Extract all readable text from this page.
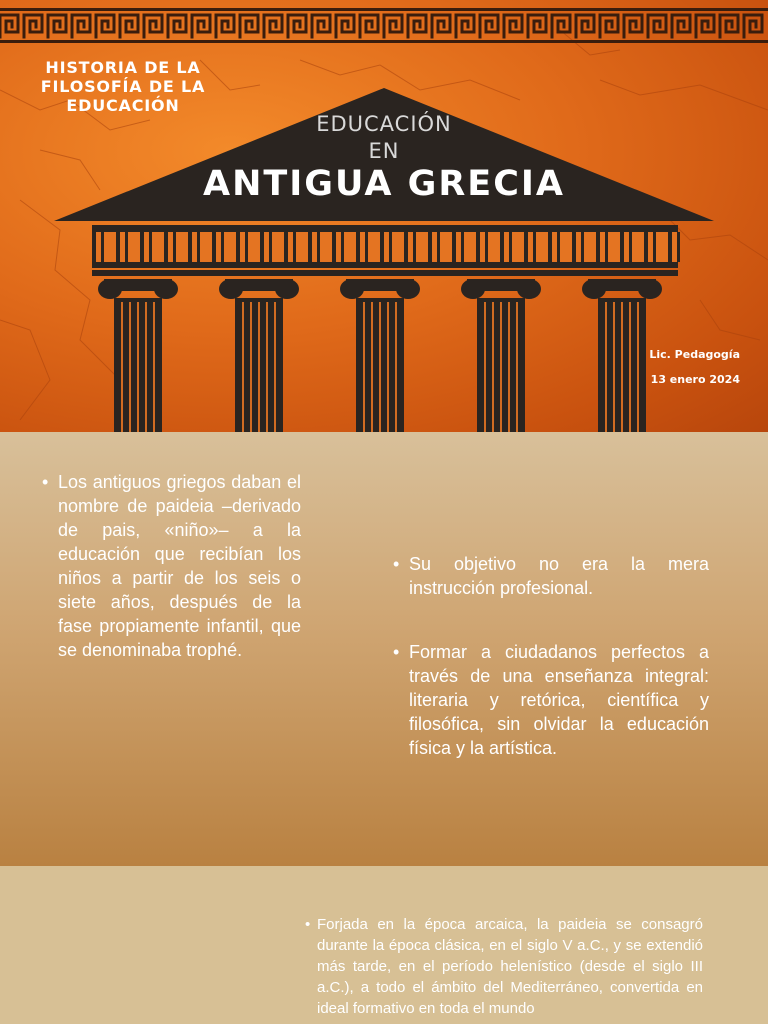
HISTORIA DE LA FILOSOFÍA DE LA EDUCACIÓN
EDUCACIÓN
EN
ANTIGUA GRECIA
Lic. Pedagogía
13 enero 2024
• Los antiguos griegos daban el nombre de paideia –derivado de pais, «niño»– a la educación que recibían los niños a partir de los seis o siete años, después de la fase propiamente infantil, que se denominaba trophé.
• Su objetivo no era la mera instrucción profesional.
• Formar a ciudadanos perfectos a través de una enseñanza integral: literaria y retórica, científica y filosófica, sin olvidar la educación física y la artística.
• Forjada en la época arcaica, la paideia se consagró durante la época clásica, en el siglo V a.C., y se extendió más tarde, en el período helenístico (desde el siglo III a.C.), a todo el ámbito del Mediterráneo, convertida en ideal formativo en toda el mundo
